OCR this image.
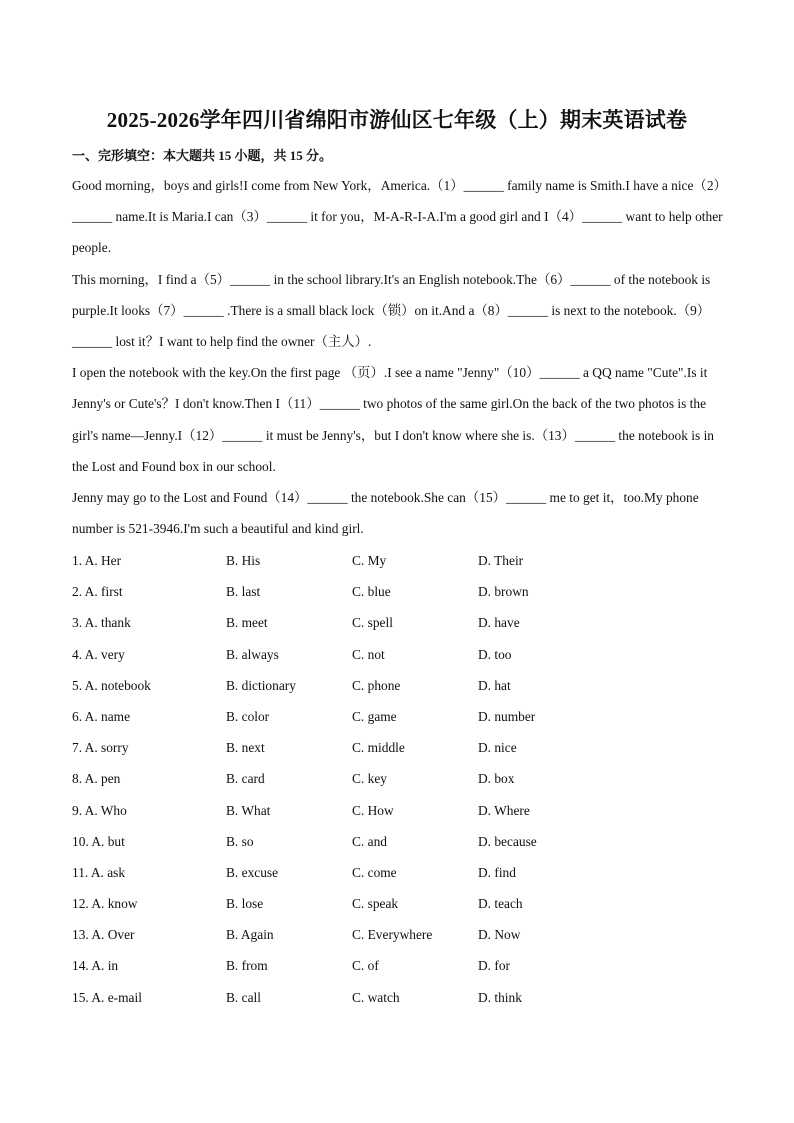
2025-2026学年四川省绵阳市游仙区七年级（上）期末英语试卷
一、完形填空：本大题共 15 小题，共 15 分。

Good morning，boys and girls!I come from New York，America.（1）______ family name is Smith.I have a nice（2）______ name.It is Maria.I can（3）______ it for you，M-A-R-I-A.I'm a good girl and I（4）______ want to help other people.

This morning，I find a（5）______ in the school library.It's an English notebook.The（6）______ of the notebook is purple.It looks（7）______ .There is a small black lock（锁）on it.And a（8）______ is next to the notebook.（9）______ lost it？I want to help find the owner（主人）.

I open the notebook with the key.On the first page （页）.I see a name "Jenny"（10）______ a QQ name "Cute".Is it Jenny's or Cute's？I don't know.Then I（11）______ two photos of the same girl.On the back of the two photos is the girl's name—Jenny.I（12）______ it must be Jenny's，but I don't know where she is.（13）______ the notebook is in the Lost and Found box in our school.

Jenny may go to the Lost and Found（14）______ the notebook.She can（15）______ me to get it，too.My phone number is 521-3946.I'm such a beautiful and kind girl.

1. A. Her	B. His	C. My	D. Their
2. A. first	B. last	C. blue	D. brown
3. A. thank	B. meet	C. spell	D. have
4. A. very	B. always	C. not	D. too
5. A. notebook	B. dictionary	C. phone	D. hat
6. A. name	B. color	C. game	D. number
7. A. sorry	B. next	C. middle	D. nice
8. A. pen	B. card	C. key	D. box
9. A. Who	B. What	C. How	D. Where
10. A. but	B. so	C. and	D. because
11. A. ask	B. excuse	C. come	D. find
12. A. know	B. lose	C. speak	D. teach
13. A. Over	B. Again	C. Everywhere	D. Now
14. A. in	B. from	C. of	D. for
15. A. e-mail	B. call	C. watch	D. think
